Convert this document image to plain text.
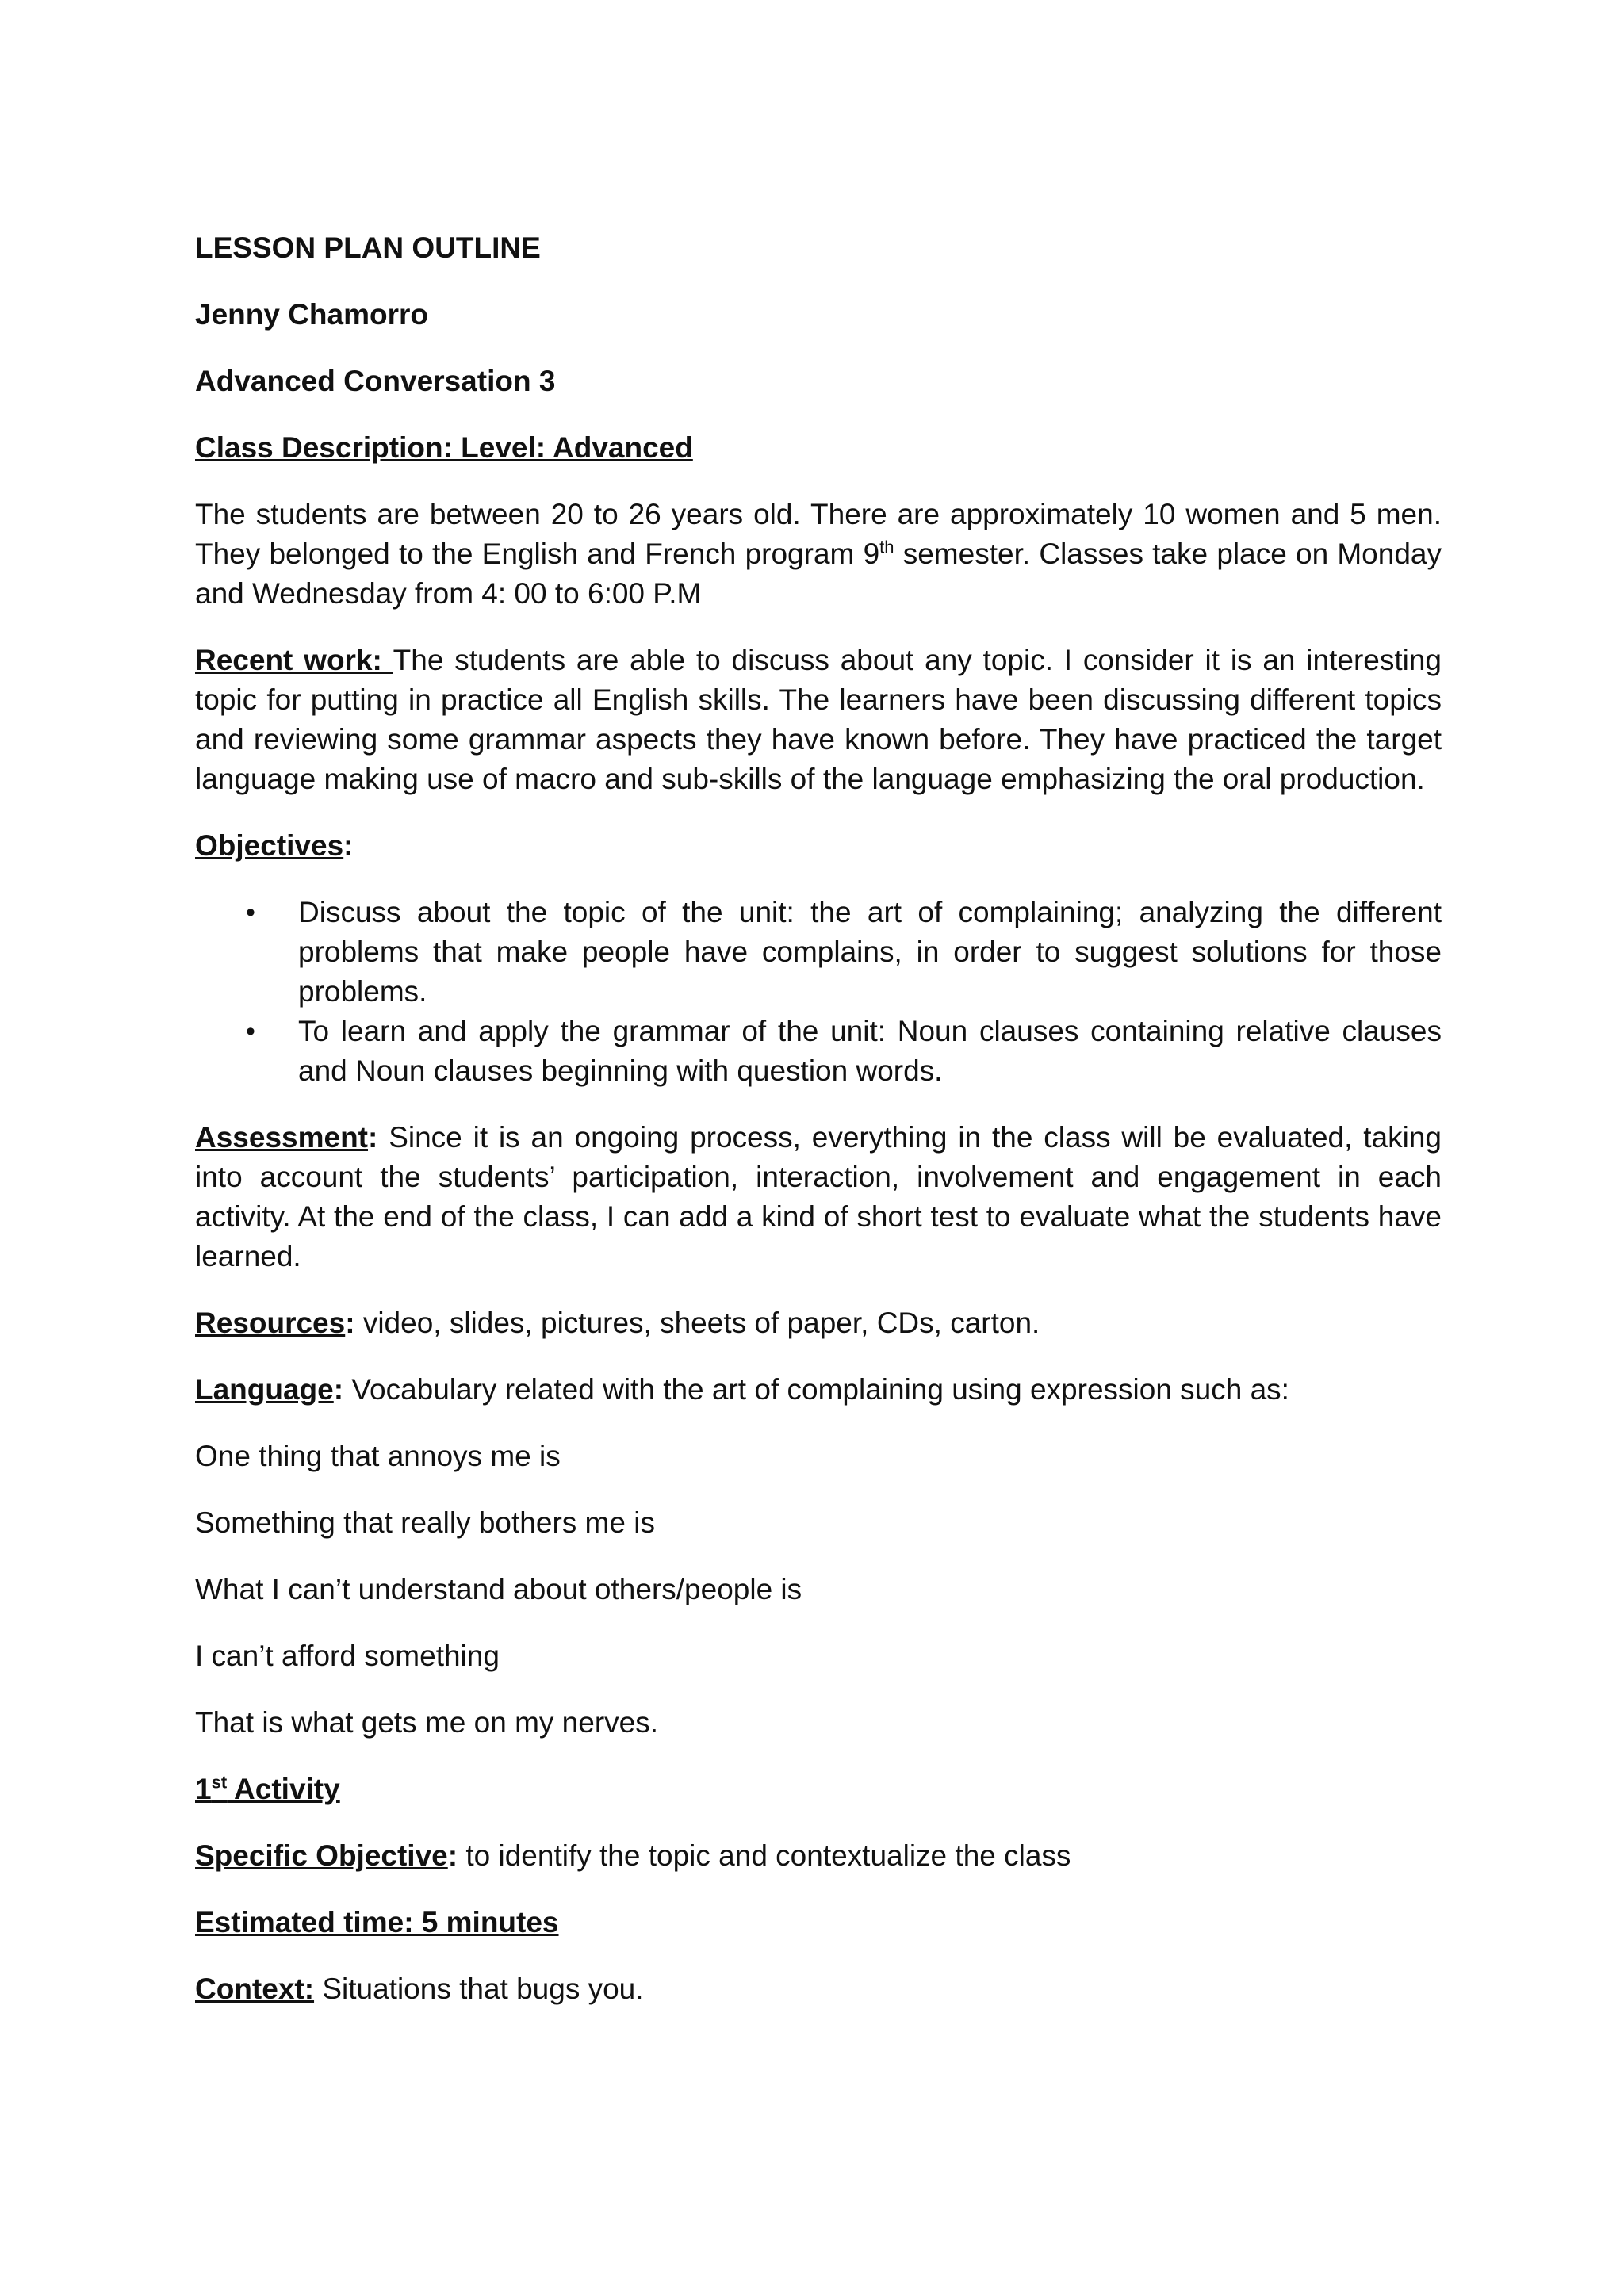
LESSON PLAN OUTLINE

Jenny Chamorro

Advanced Conversation 3

Class Description: Level: Advanced

The students are between 20 to 26 years old. There are approximately 10 women and 5 men. They belonged to the English and French program 9th semester. Classes take place on Monday and Wednesday from 4: 00 to 6:00 P.M

Recent work: The students are able to discuss about any topic. I consider it is an interesting topic for putting in practice all English skills. The learners have been discussing different topics and reviewing some grammar aspects they have known before. They have practiced the target language making use of macro and sub-skills of the language emphasizing the oral production.

Objectives:

• Discuss about the topic of the unit: the art of complaining; analyzing the different problems that make people have complains, in order to suggest solutions for those problems.
• To learn and apply the grammar of the unit: Noun clauses containing relative clauses and Noun clauses beginning with question words.

Assessment: Since it is an ongoing process, everything in the class will be evaluated, taking into account the students’ participation, interaction, involvement and engagement in each activity. At the end of the class, I can add a kind of short test to evaluate what the students have learned.

Resources: video, slides, pictures, sheets of paper, CDs, carton.

Language: Vocabulary related with the art of complaining using expression such as:

One thing that annoys me is

Something that really bothers me is

What I can’t understand about others/people is

I can’t afford something

That is what gets me on my nerves.

1st Activity

Specific Objective: to identify the topic and contextualize the class

Estimated time: 5 minutes

Context: Situations that bugs you.
